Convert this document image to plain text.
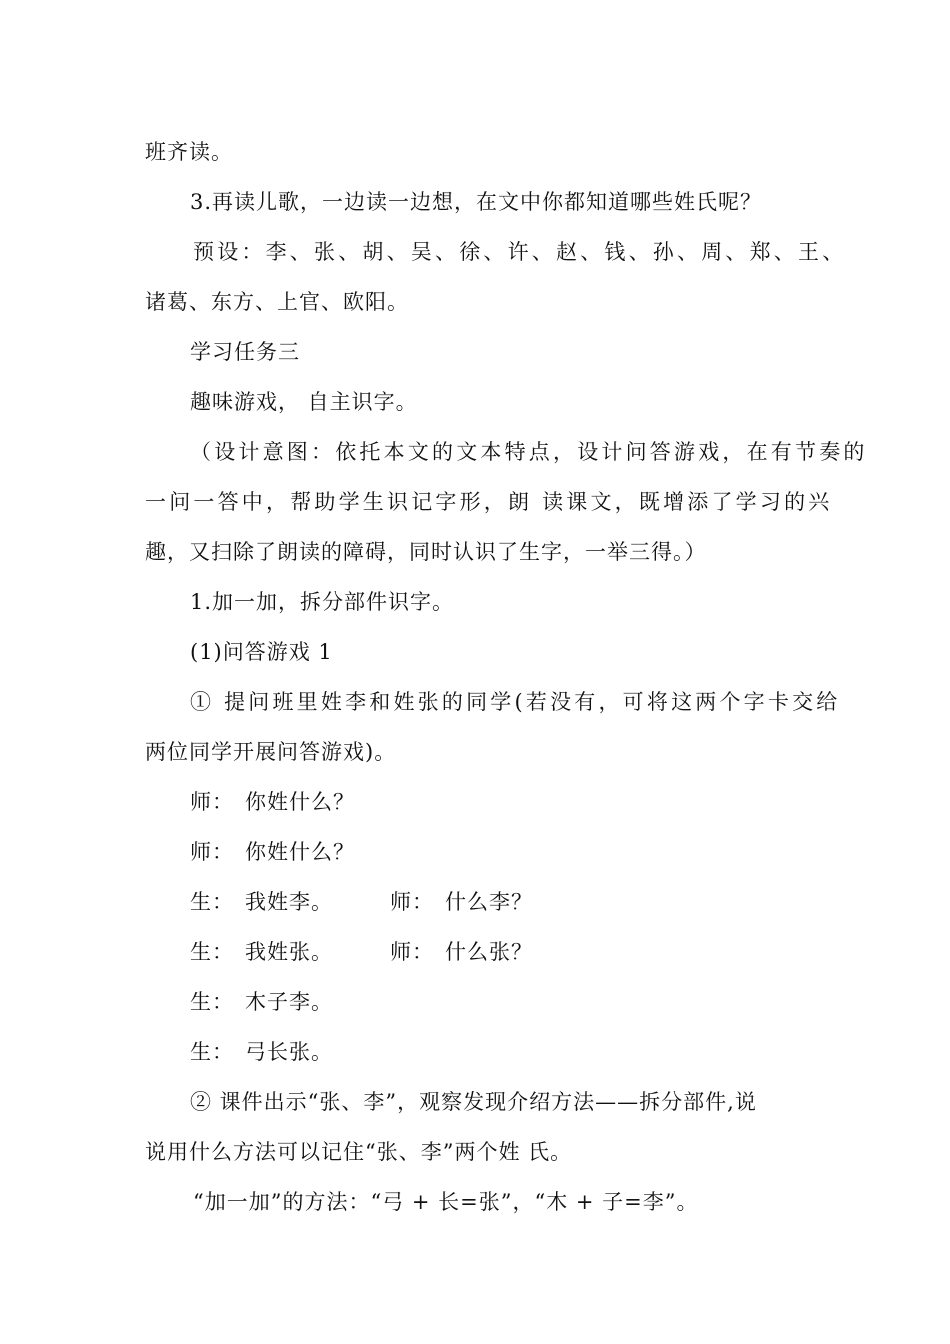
班齐读。
3.再读儿歌，一边读一边想，在文中你都知道哪些姓氏呢？
预设：李、张、胡、吴、徐、许、赵、钱、孙、周、郑、王、
诸葛、东方、上官、欧阳。
学习任务三
趣味游戏， 自主识字。
（设计意图：依托本文的文本特点，设计问答游戏，在有节奏的
一问一答中，帮助学生识记字形，朗 读课文，既增添了学习的兴
趣，又扫除了朗读的障碍，同时认识了生字，一举三得。）
1.加一加，拆分部件识字。
(1)问答游戏 1
① 提问班里姓李和姓张的同学(若没有，可将这两个字卡交给
两位同学开展问答游戏)。
师： 你姓什么？
师： 你姓什么？
生： 我姓李。	师： 什么李？
生： 我姓张。	师： 什么张？
生： 木子李。
生： 弓长张。
② 课件出示“张、李”，观察发现介绍方法——拆分部件,说
说用什么方法可以记住“张、李”两个姓 氏。
“加一加”的方法：“弓 + 长=张”，“木 + 子=李”。
